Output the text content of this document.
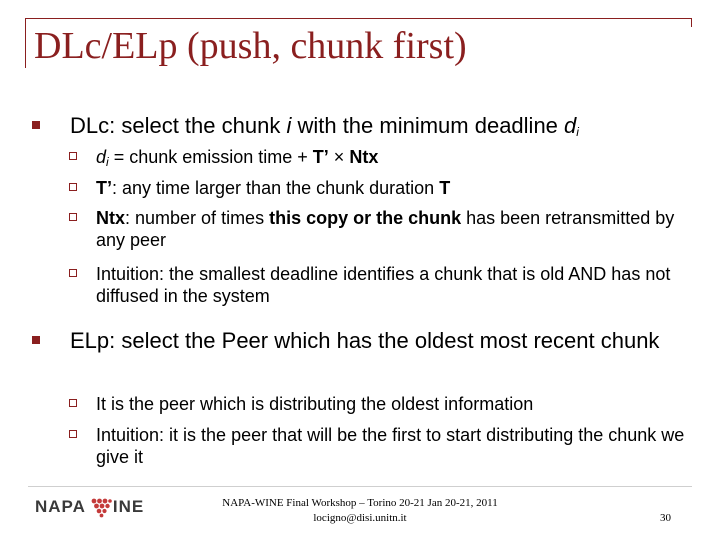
DLc/ELp (push, chunk first)
DLc: select the chunk i with the minimum deadline $d_i$
$d_i$ = chunk emission time + T’ × Ntx
T’: any time larger than the chunk duration T
Ntx: number of times this copy or the chunk has been retransmitted by any peer
Intuition: the smallest deadline identifies a chunk that is old AND has not diffused in the system
ELp: select the Peer which has the oldest most recent chunk
It is the peer which is distributing the oldest information
Intuition: it is the peer that will be the first to start distributing the chunk we give it
NAPA INE	NAPA-WINE Final Workshop – Torino 20-21 Jan 20-21, 2011
locigno@disi.unitn.it	30
